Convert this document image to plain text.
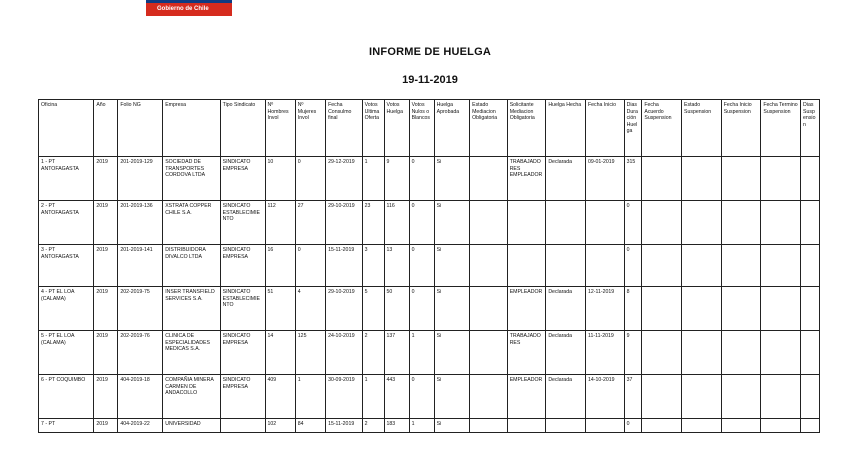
Gobierno de Chile
INFORME DE HUELGA
19-11-2019
Oficina	Año	Folio NG	Empresa	Tipo Sindicato	Nº Hombres Invol	Nº Mujeres Invol	Fecha Consulmo final	Votos Ultima Oferta	Votos Huelga	Votos Nulos o Blancos	Huelga Aprobada	Estado Mediacion Obligatoria	Solicitante Mediacion Obligatoria	Huelga Hecha	Fecha Inicio	Dias Duración Huelga	Fecha Acuerdo Suspension	Estado Suspension	Fecha Inicio Suspension	Fecha Termino Suspension	Dias Suspension
1 - PT ANTOFAGASTA	2019	201-2019-129	SOCIEDAD DE TRANSPORTES CORDOVA LTDA	SINDICATO EMPRESA	10	0	29-12-2019	1	9	0	Si		TRABAJADORES EMPLEADOR	Declarada	09-01-2019	315					
2 - PT ANTOFAGASTA	2019	201-2019-136	XSTRATA COPPER CHILE S.A.	SINDICATO ESTABLECIMIENTO	112	27	29-10-2019	23	116	0	Si					0					
3 - PT ANTOFAGASTA	2019	201-2019-141	DISTRIBUIDORA DIVALCO LTDA	SINDICATO EMPRESA	16	0	15-11-2019	3	13	0	Si					0					
4 - PT EL LOA (CALAMA)	2019	202-2019-75	INSER TRANSFIELD SERVICES S.A.	SINDICATO ESTABLECIMIENTO	51	4	29-10-2019	5	50	0	Si		EMPLEADOR	Declarada	12-11-2019	8					
5 - PT EL LOA (CALAMA)	2019	202-2019-76	CLINICA DE ESPECIALIDADES MEDICAS S.A.	SINDICATO EMPRESA	14	125	24-10-2019	2	137	1	Si		TRABAJADORES	Declarada	11-11-2019	9					
6 - PT COQUIMBO	2019	404-2019-18	COMPAÑIA MINERA CARMEN DE ANDACOLLO	SINDICATO EMPRESA	409	1	30-09-2019	1	443	0	Si		EMPLEADOR	Declarada	14-10-2019	37					
7 - PT	2019	404-2019-22	UNIVERSIDAD		102	84	15-11-2019	2	183	1	Si					0					
